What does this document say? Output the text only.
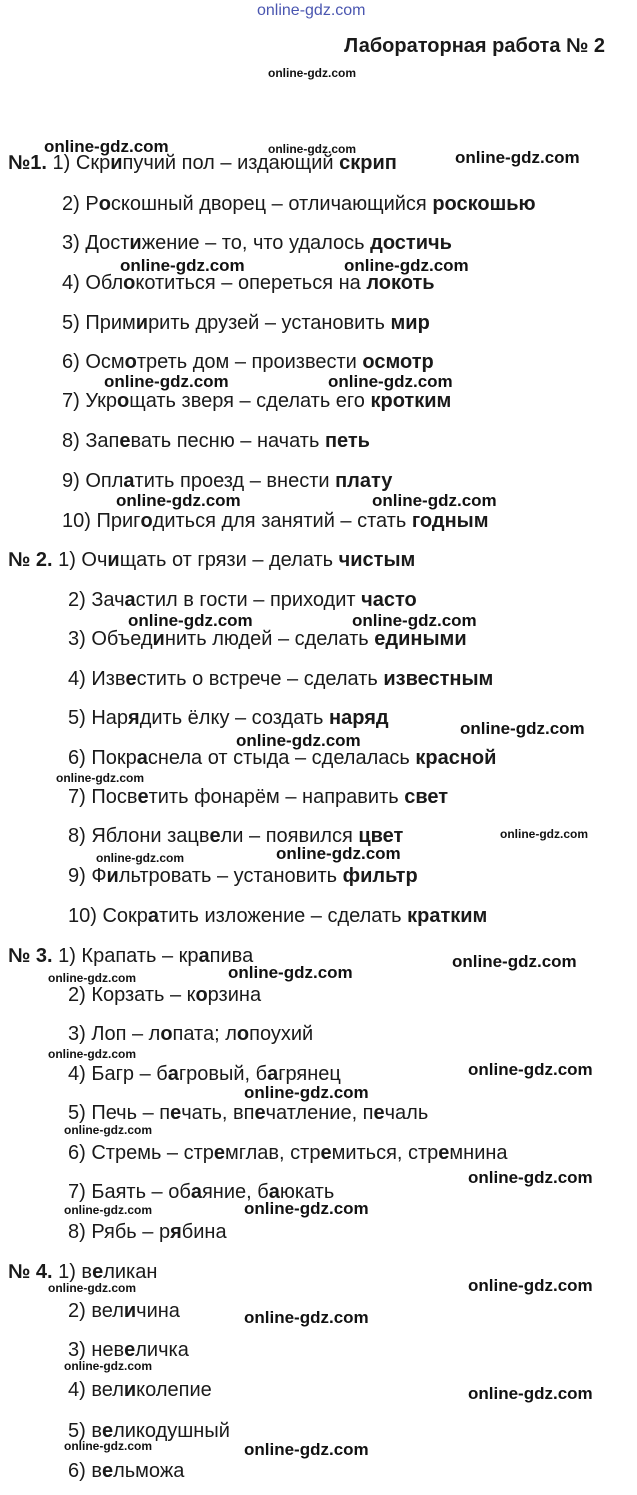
online-gdz.com
Лабораторная работа № 2
online-gdz.com
online-gdz.com	online-gdz.com	online-gdz.com
online-gdz.com	online-gdz.com
online-gdz.com	online-gdz.com
online-gdz.com	online-gdz.com
online-gdz.com	online-gdz.com
online-gdz.com
online-gdz.com
online-gdz.com
online-gdz.com
online-gdz.com
online-gdz.com
online-gdz.com
online-gdz.com
online-gdz.com
online-gdz.com
online-gdz.com
online-gdz.com
online-gdz.com
online-gdz.com
online-gdz.com	online-gdz.com
online-gdz.com	online-gdz.com
online-gdz.com
online-gdz.com
online-gdz.com
online-gdz.com	online-gdz.com
№1. 1) Скрипучий пол – издающий скрип
2) Роскошный дворец – отличающийся роскошью
3) Достижение – то, что удалось достичь
4) Облокотиться – опереться на локоть
5) Примирить друзей – установить мир
6) Осмотреть дом – произвести осмотр
7) Укрощать зверя – сделать его кротким
8) Запевать песню – начать петь
9) Оплатить проезд – внести плату
10) Пригодиться для занятий – стать годным
№ 2. 1) Очищать от грязи – делать чистым
2) Зачастил в гости – приходит часто
3) Объединить людей – сделать едиными
4) Известить о встрече – сделать известным
5) Нарядить ёлку – создать наряд
6) Покраснела от стыда – сделалась красной
7) Посветить фонарём – направить свет
8) Яблони зацвели – появился цвет
9) Фильтровать – установить фильтр
10) Сократить изложение – сделать кратким
№ 3. 1) Крапать – крапива
2) Корзать – корзина
3) Лоп – лопата; лопоухий
4) Багр – багровый, багрянец
5) Печь – печать, впечатление, печаль
6) Стремь – стремглав, стремиться, стремнина
7) Баять – обаяние, баюкать
8) Рябь – рябина
№ 4. 1) великан
2) величина
3) невеличка
4) великолепие
5) великодушный
6) вельможа
